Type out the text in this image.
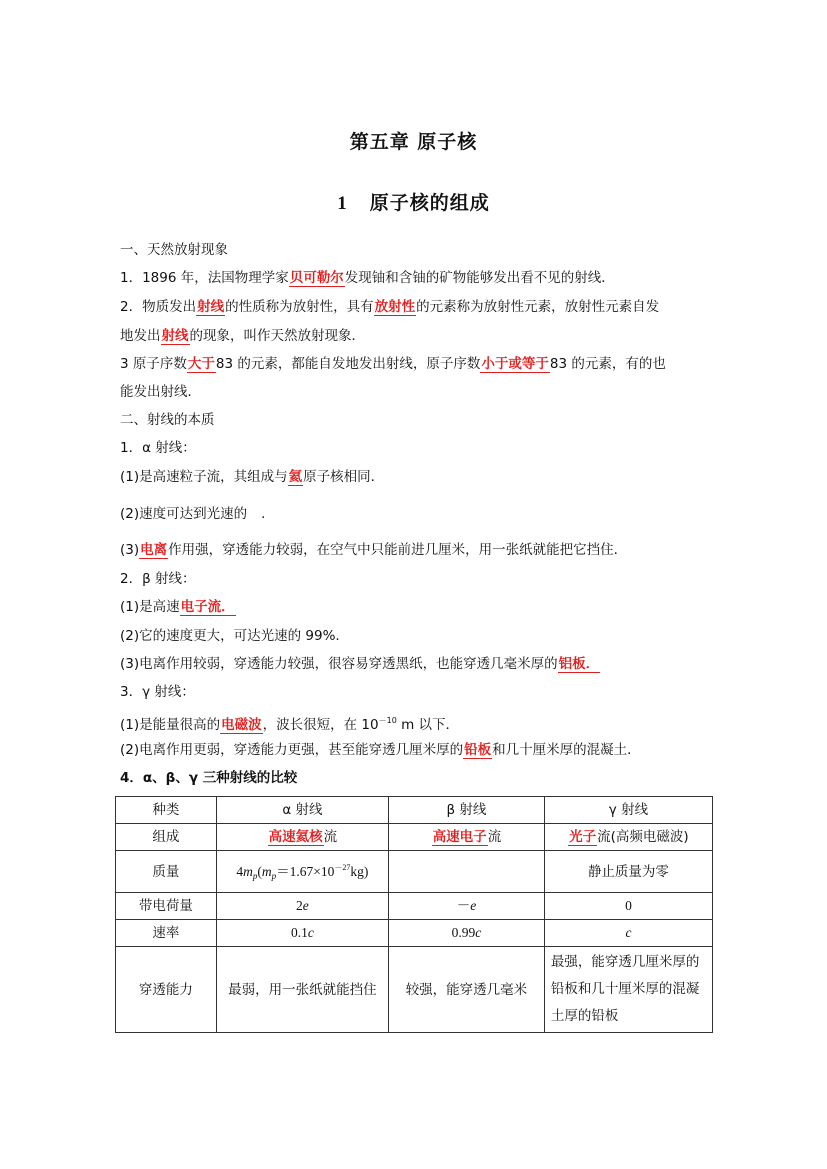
第五章 原子核
1 原子核的组成
一、天然放射现象
1．1896 年，法国物理学家贝可勒尔发现铀和含铀的矿物能够发出看不见的射线．
2．物质发出射线的性质称为放射性，具有放射性的元素称为放射性元素，放射性元素自发
地发出射线的现象，叫作天然放射现象．
3 原子序数大于83 的元素，都能自发地发出射线，原子序数小于或等于83 的元素，有的也
能发出射线．
二、射线的本质
1．α 射线：
(1)是高速粒子流，其组成与氦原子核相同．
(2)速度可达到光速的 .
(3)电离作用强，穿透能力较弱，在空气中只能前进几厘米，用一张纸就能把它挡住．
2．β 射线：
(1)是高速电子流．
(2)它的速度更大，可达光速的 99%.
(3)电离作用较弱，穿透能力较强，很容易穿透黑纸，也能穿透几毫米厚的铝板．
3．γ 射线：
(1)是能量很高的电磁波，波长很短，在 $10^{-10}$ m 以下．
(2)电离作用更弱，穿透能力更强，甚至能穿透几厘米厚的铅板和几十厘米厚的混凝土．
4．α、β、γ 三种射线的比较
种类	α 射线	β 射线	γ 射线
组成	高速氦核流	高速电子流	光子流(高频电磁波)
质量	$4m_p(m_p=1.67\times 10^{-27}kg)$		静止质量为零
带电荷量	2e	－e	0
速率	0.1c	0.99c	c
穿透能力	最弱，用一张纸就能挡住	较强，能穿透几毫米	最强，能穿透几厘米厚的铅板和几十厘米厚的混凝土厚的铅板
